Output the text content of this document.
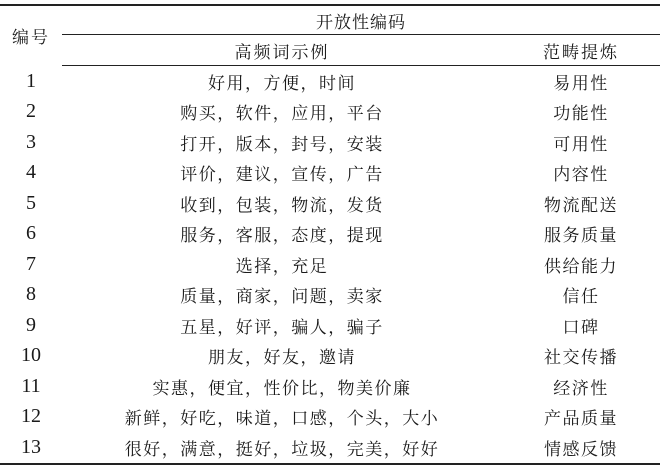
编号	开放性编码	
	高频词示例	范畴提炼
1	好用，方便，时间	易用性
2	购买，软件，应用，平台	功能性
3	打开，版本，封号，安装	可用性
4	评价，建议，宣传，广告	内容性
5	收到，包装，物流，发货	物流配送
6	服务，客服，态度，提现	服务质量
7	选择，充足	供给能力
8	质量，商家，问题，卖家	信任
9	五星，好评，骗人，骗子	口碑
10	朋友，好友，邀请	社交传播
11	实惠，便宜，性价比，物美价廉	经济性
12	新鲜，好吃，味道，口感，个头，大小	产品质量
13	很好，满意，挺好，垃圾，完美，好好	情感反馈
